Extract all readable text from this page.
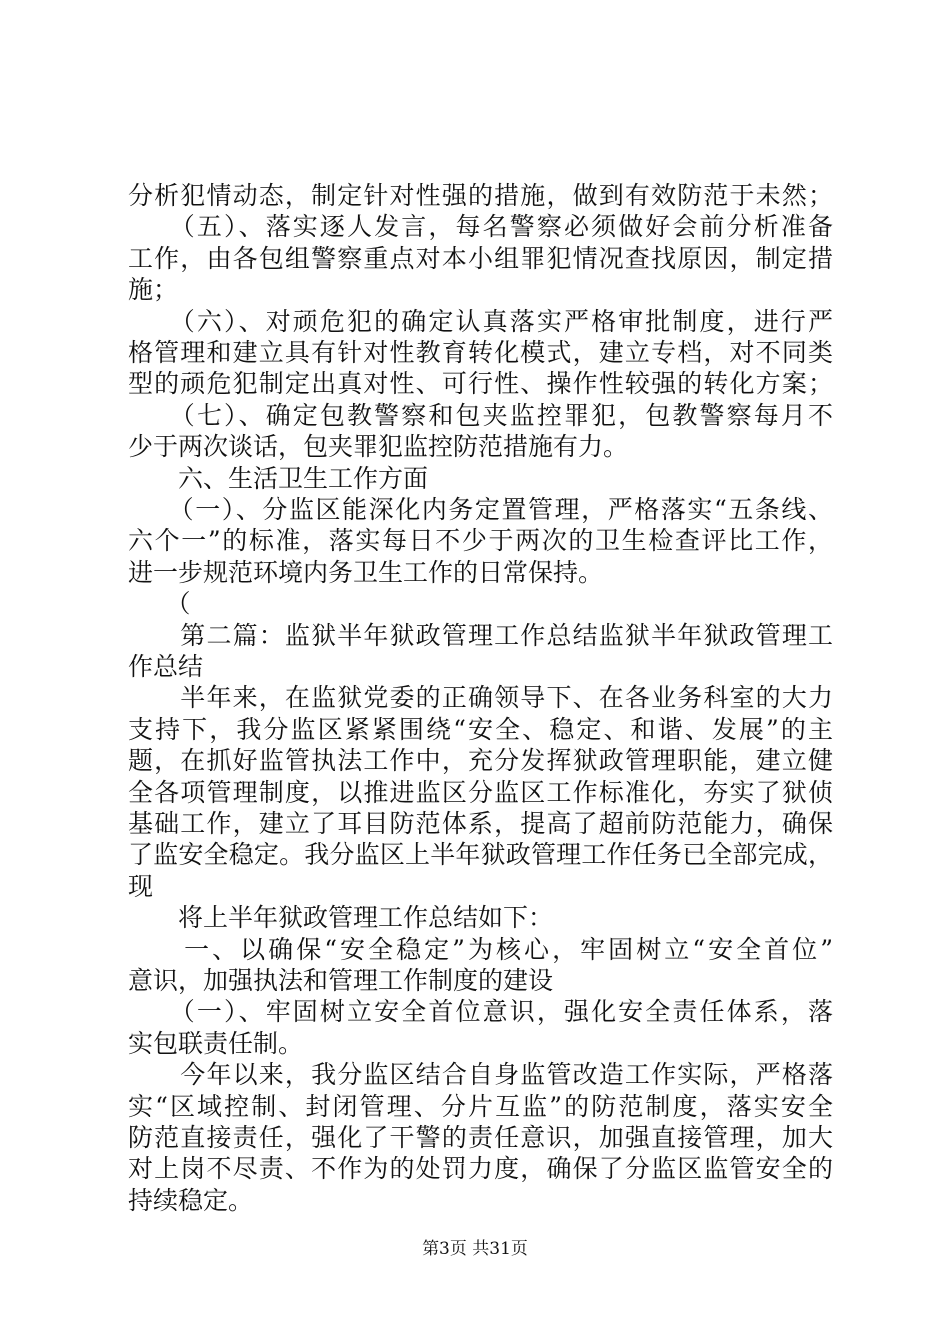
分析犯情动态，制定针对性强的措施，做到有效防范于未然；
　　（五）、落实逐人发言，每名警察必须做好会前分析准备
工作，由各包组警察重点对本小组罪犯情况查找原因，制定措
施；
　　（六）、对顽危犯的确定认真落实严格审批制度，进行严
格管理和建立具有针对性教育转化模式，建立专档，对不同类
型的顽危犯制定出真对性、可行性、操作性较强的转化方案；
　　（七）、确定包教警察和包夹监控罪犯，包教警察每月不
少于两次谈话，包夹罪犯监控防范措施有力。
　　六、生活卫生工作方面
　　（一）、分监区能深化内务定置管理，严格落实“五条线、
六个一”的标准，落实每日不少于两次的卫生检查评比工作，
进一步规范环境内务卫生工作的日常保持。
　　（
　　第二篇：监狱半年狱政管理工作总结监狱半年狱政管理工
作总结
　　半年来，在监狱党委的正确领导下、在各业务科室的大力
支持下，我分监区紧紧围绕“安全、稳定、和谐、发展”的主
题，在抓好监管执法工作中，充分发挥狱政管理职能，建立健
全各项管理制度，以推进监区分监区工作标准化，夯实了狱侦
基础工作，建立了耳目防范体系，提高了超前防范能力，确保
了监安全稳定。我分监区上半年狱政管理工作任务已全部完成，
现
　　将上半年狱政管理工作总结如下：
　　一、以确保“安全稳定”为核心，牢固树立“安全首位”
意识，加强执法和管理工作制度的建设
　　（一）、牢固树立安全首位意识，强化安全责任体系，落
实包联责任制。
　　今年以来，我分监区结合自身监管改造工作实际，严格落
实“区域控制、封闭管理、分片互监”的防范制度，落实安全
防范直接责任，强化了干警的责任意识，加强直接管理，加大
对上岗不尽责、不作为的处罚力度，确保了分监区监管安全的
持续稳定。
第3页 共31页
